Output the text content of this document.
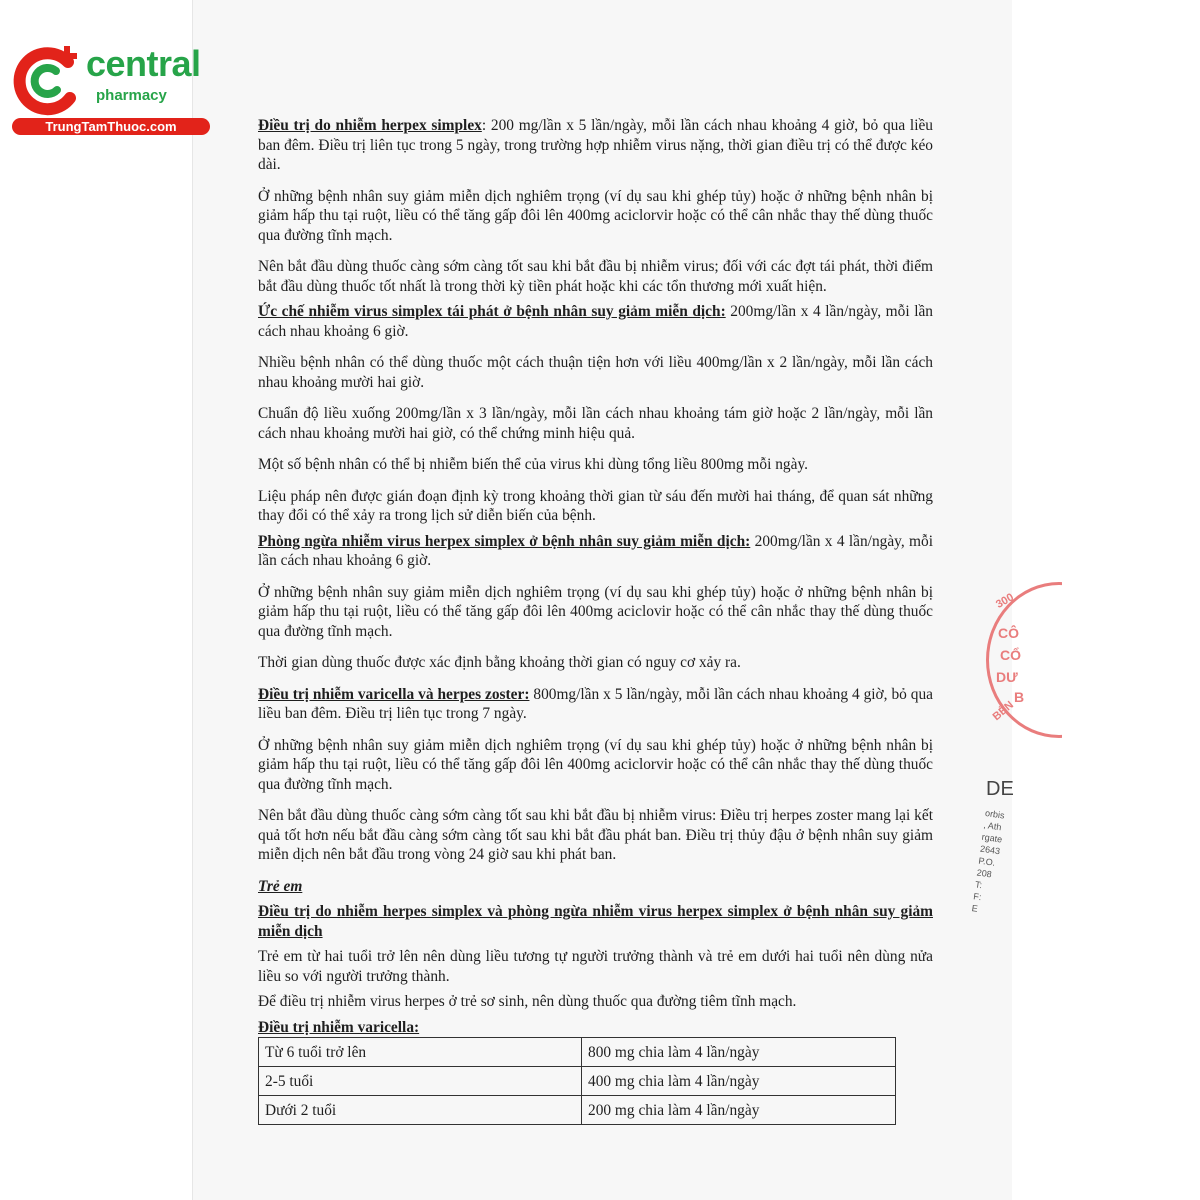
central
pharmacy
TrungTamThuoc.com	Điều trị do nhiễm herpex simplex: 200 mg/lần x 5 lần/ngày, mỗi lần cách nhau khoảng 4 giờ, bỏ qua liều ban đêm. Điều trị liên tục trong 5 ngày, trong trường hợp nhiễm virus nặng, thời gian điều trị có thể được kéo dài.

Ở những bệnh nhân suy giảm miễn dịch nghiêm trọng (ví dụ sau khi ghép tủy) hoặc ở những bệnh nhân bị giảm hấp thu tại ruột, liều có thể tăng gấp đôi lên 400mg aciclorvir hoặc có thể cân nhắc thay thế dùng thuốc qua đường tĩnh mạch.

Nên bắt đầu dùng thuốc càng sớm càng tốt sau khi bắt đầu bị nhiễm virus; đối với các đợt tái phát, thời điểm bắt đầu dùng thuốc tốt nhất là trong thời kỳ tiền phát hoặc khi các tổn thương mới xuất hiện.

Ức chế nhiễm virus simplex tái phát ở bệnh nhân suy giảm miễn dịch: 200mg/lần x 4 lần/ngày, mỗi lần cách nhau khoảng 6 giờ.

Nhiều bệnh nhân có thể dùng thuốc một cách thuận tiện hơn với liều 400mg/lần x 2 lần/ngày, mỗi lần cách nhau khoảng mười hai giờ.

Chuẩn độ liều xuống 200mg/lần x 3 lần/ngày, mỗi lần cách nhau khoảng tám giờ hoặc 2 lần/ngày, mỗi lần cách nhau khoảng mười hai giờ, có thể chứng minh hiệu quả.

Một số bệnh nhân có thể bị nhiễm biến thể của virus khi dùng tổng liều 800mg mỗi ngày.

Liệu pháp nên được gián đoạn định kỳ trong khoảng thời gian từ sáu đến mười hai tháng, để quan sát những thay đổi có thể xảy ra trong lịch sử diễn biến của bệnh.

Phòng ngừa nhiễm virus herpex simplex ở bệnh nhân suy giảm miễn dịch: 200mg/lần x 4 lần/ngày, mỗi lần cách nhau khoảng 6 giờ.

Ở những bệnh nhân suy giảm miễn dịch nghiêm trọng (ví dụ sau khi ghép tủy) hoặc ở những bệnh nhân bị giảm hấp thu tại ruột, liều có thể tăng gấp đôi lên 400mg aciclovir hoặc có thể cân nhắc thay thế dùng thuốc qua đường tĩnh mạch.

Thời gian dùng thuốc được xác định bằng khoảng thời gian có nguy cơ xảy ra.

Điều trị nhiễm varicella và herpes zoster: 800mg/lần x 5 lần/ngày, mỗi lần cách nhau khoảng 4 giờ, bỏ qua liều ban đêm. Điều trị liên tục trong 7 ngày.

Ở những bệnh nhân suy giảm miễn dịch nghiêm trọng (ví dụ sau khi ghép tủy) hoặc ở những bệnh nhân bị giảm hấp thu tại ruột, liều có thể tăng gấp đôi lên 400mg aciclorvir hoặc có thể cân nhắc thay thế dùng thuốc qua đường tĩnh mạch.

Nên bắt đầu dùng thuốc càng sớm càng tốt sau khi bắt đầu bị nhiễm virus: Điều trị herpes zoster mang lại kết quả tốt hơn nếu bắt đầu càng sớm càng tốt sau khi bắt đầu phát ban. Điều trị thủy đậu ở bệnh nhân suy giảm miễn dịch nên bắt đầu trong vòng 24 giờ sau khi phát ban.

Trẻ em

Điều trị do nhiễm herpes simplex và phòng ngừa nhiễm virus herpex simplex ở bệnh nhân suy giảm miễn dịch

Trẻ em từ hai tuổi trở lên nên dùng liều tương tự người trưởng thành và trẻ em dưới hai tuổi nên dùng nửa liều so với người trưởng thành.

Để điều trị nhiễm virus herpes ở trẻ sơ sinh, nên dùng thuốc qua đường tiêm tĩnh mạch.

Điều trị nhiễm varicella:

Từ 6 tuổi trở lên	800 mg chia làm 4 lần/ngày
2-5 tuổi	400 mg chia làm 4 lần/ngày
Dưới 2 tuổi	200 mg chia làm 4 lần/ngày
300
CÔ
CỔ
DƯ
B
BẾN
DE
orbis
, Ath
rgate
2643
P.O.
208
T:
F:
E
